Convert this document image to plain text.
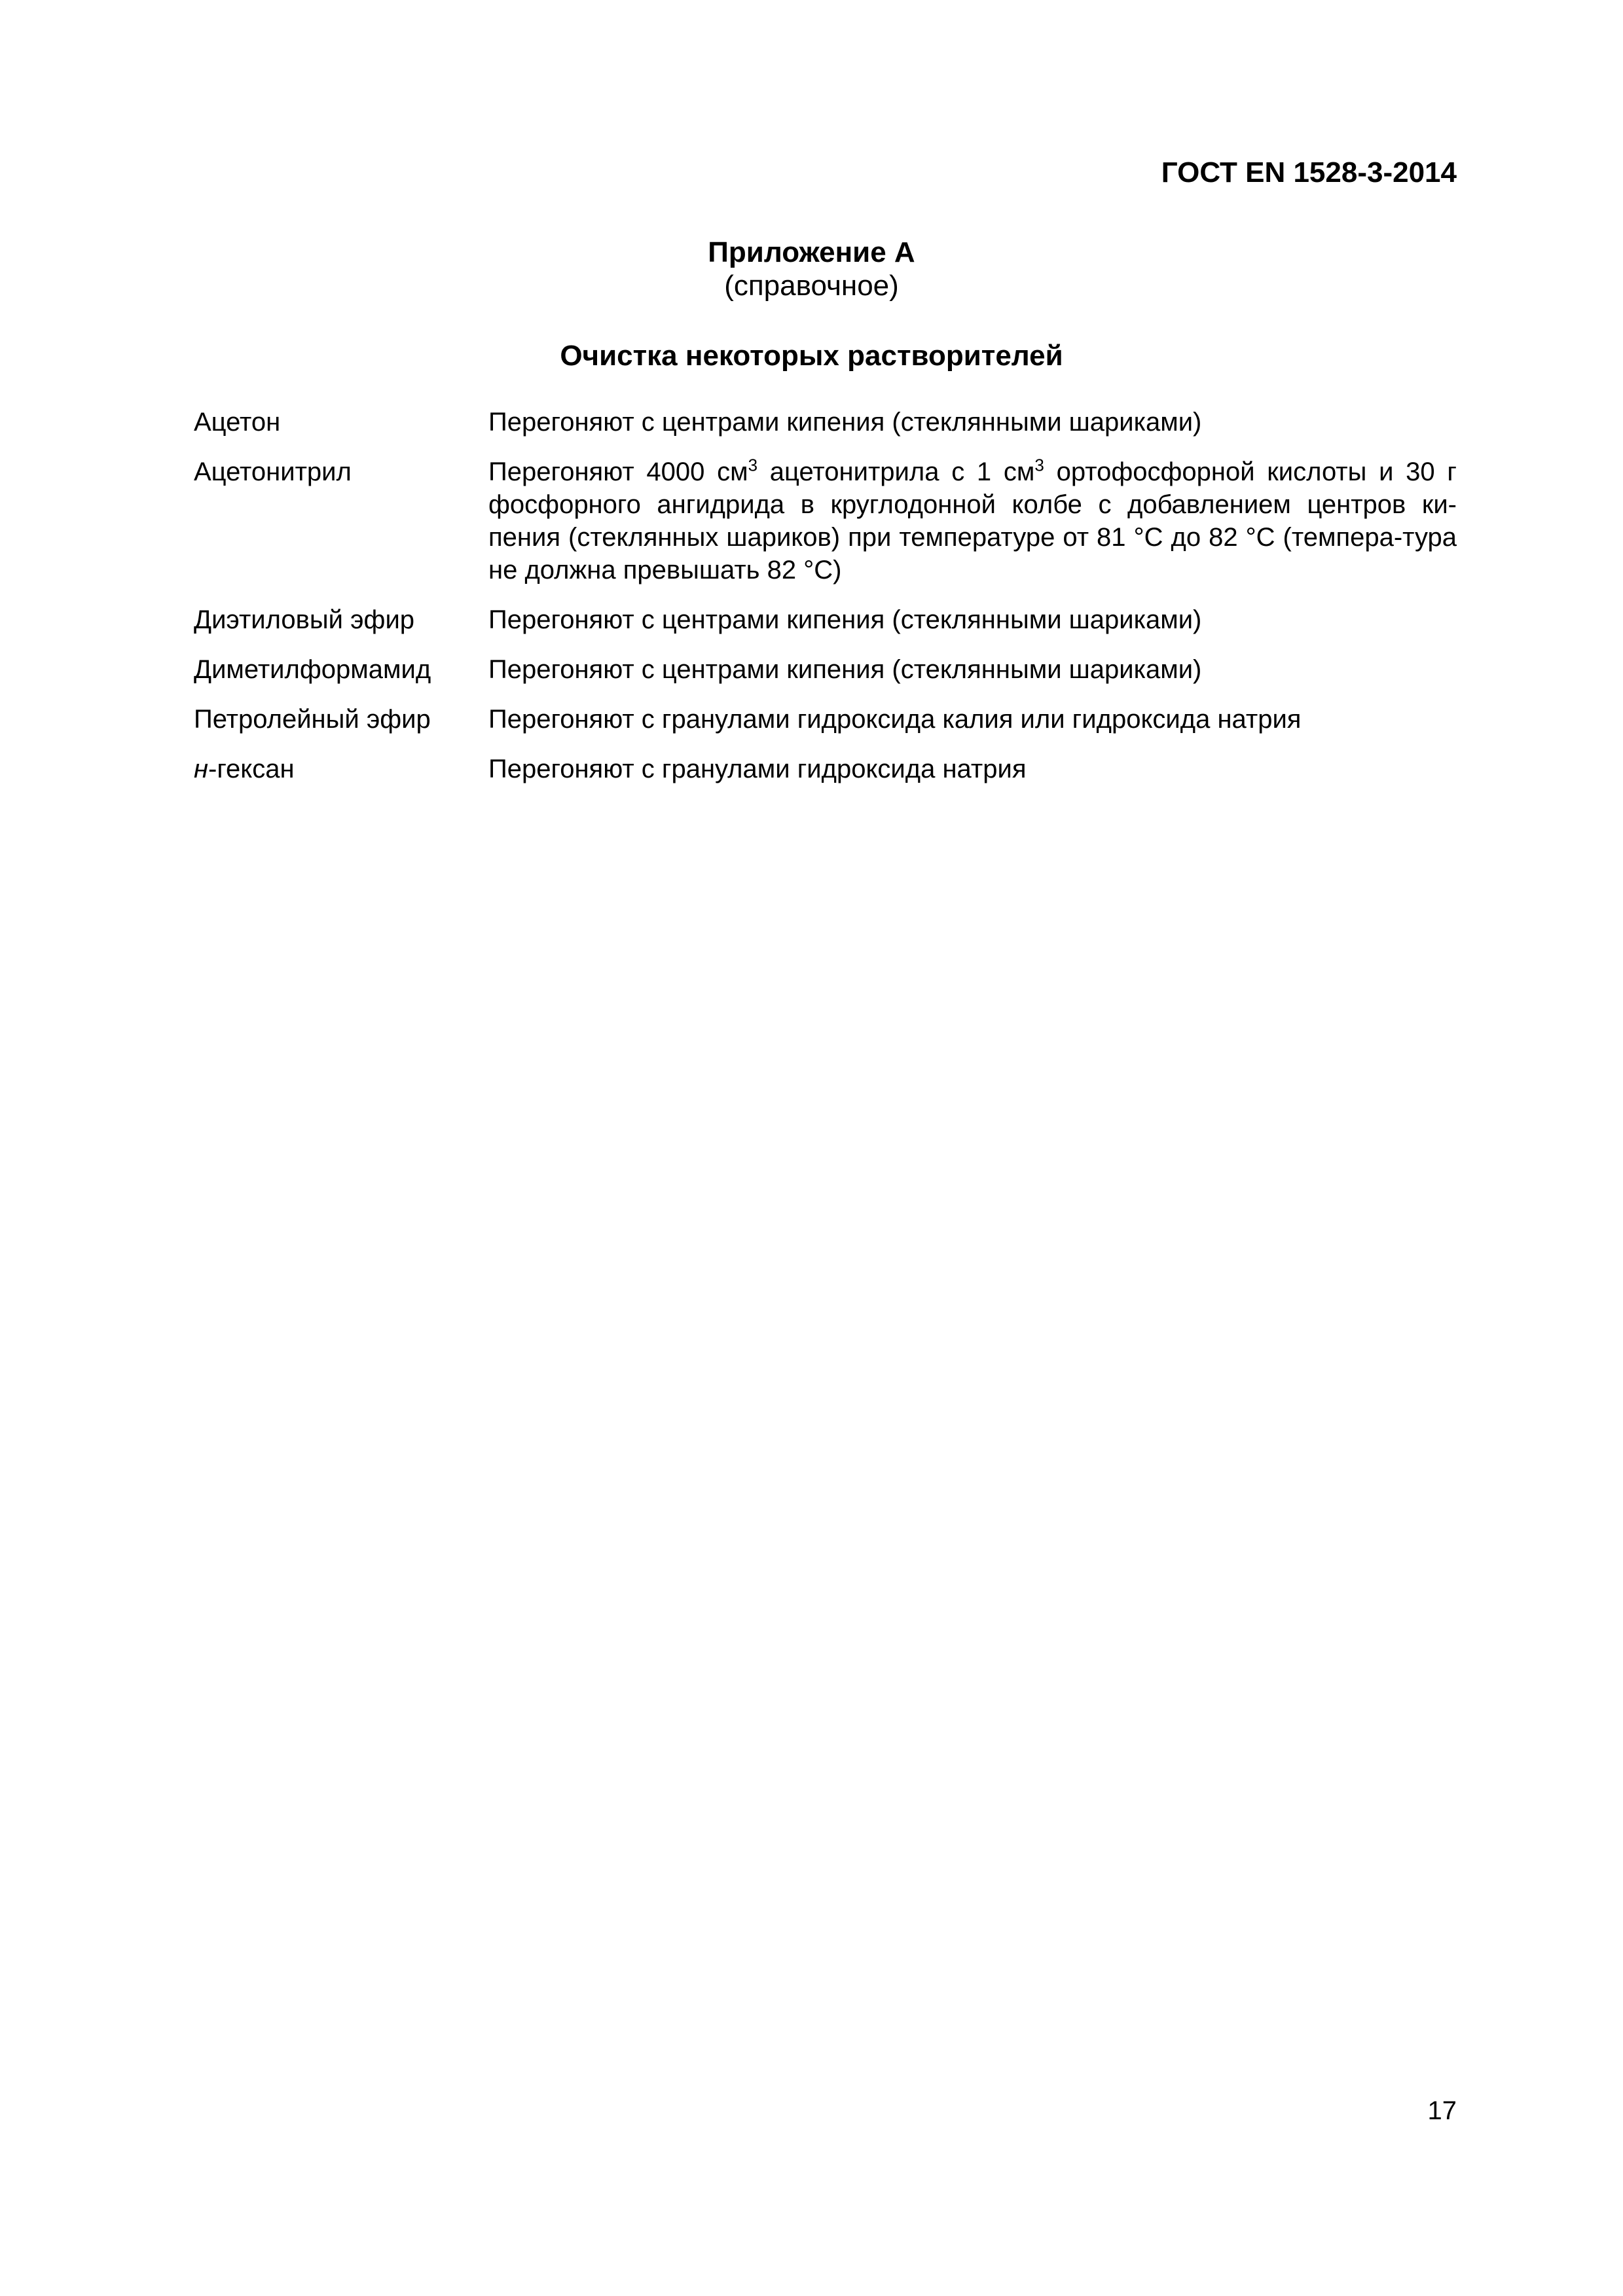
ГОСТ EN 1528-3-2014
Приложение А
(справочное)
Очистка некоторых растворителей
Ацетон	Перегоняют с центрами кипения (стеклянными шариками)
Ацетонитрил	Перегоняют 4000 $см^3$ ацетонитрила с 1 $см^3$ ортофосфорной кислоты и 30 г фосфорного ангидрида в круглодонной колбе с добавлением центров ки-пения (стеклянных шариков) при температуре от 81 °С до 82 °С (темпера-тура не должна превышать 82 °С)
Диэтиловый эфир	Перегоняют с центрами кипения (стеклянными шариками)
Диметилформамид	Перегоняют с центрами кипения (стеклянными шариками)
Петролейный эфир	Перегоняют с гранулами гидроксида калия или гидроксида натрия
н-гексан	Перегоняют с гранулами гидроксида натрия
17
